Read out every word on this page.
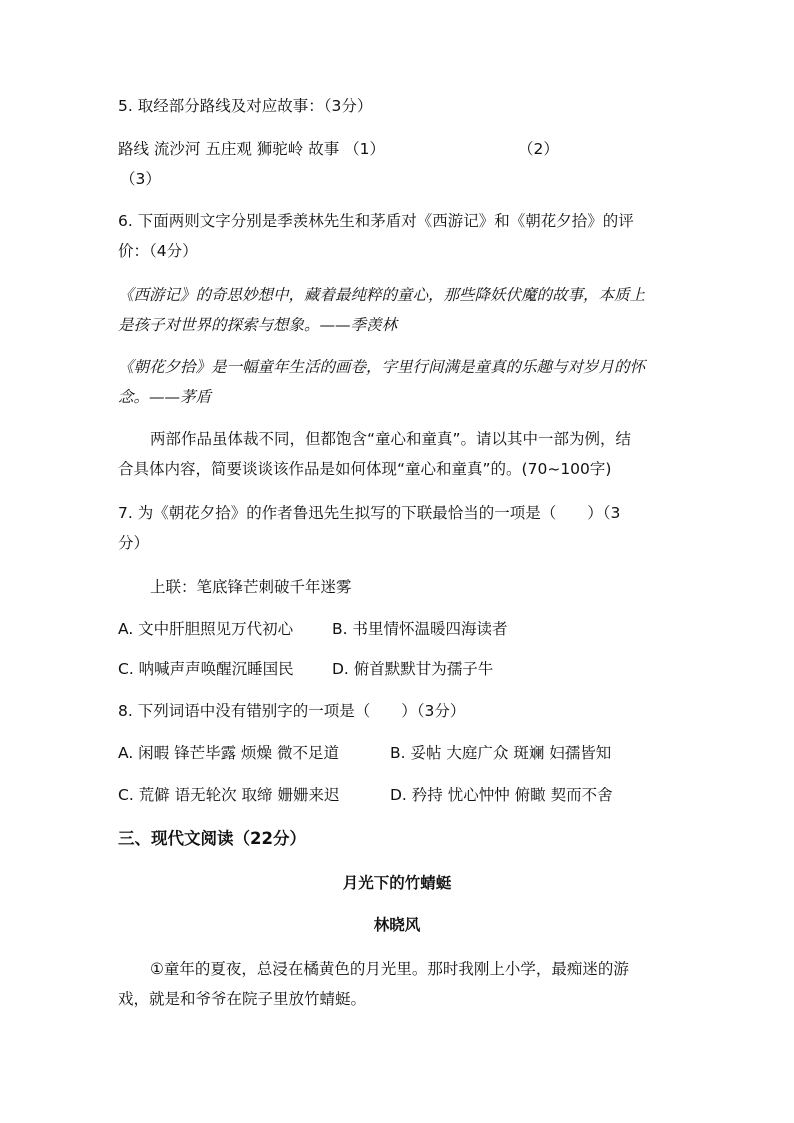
5. 取经部分路线及对应故事：（3分）
路线 流沙河 五庄观 狮驼岭 故事 （1）	（2）
（3）
6. 下面两则文字分别是季羡林先生和茅盾对《西游记》和《朝花夕拾》的评
价：（4分）
《西游记》的奇思妙想中，藏着最纯粹的童心，那些降妖伏魔的故事，本质上
是孩子对世界的探索与想象。——季羡林
《朝花夕拾》是一幅童年生活的画卷，字里行间满是童真的乐趣与对岁月的怀
念。——茅盾
两部作品虽体裁不同，但都饱含“童心和童真”。请以其中一部为例，结
合具体内容，简要谈谈该作品是如何体现“童心和童真”的。(70~100字)
7. 为《朝花夕拾》的作者鲁迅先生拟写的下联最恰当的一项是（　　）（3
分）
上联：笔底锋芒刺破千年迷雾
A. 文中肝胆照见万代初心	B. 书里情怀温暖四海读者
C. 呐喊声声唤醒沉睡国民 D. 俯首默默甘为孺子牛
8. 下列词语中没有错别字的一项是（　　）（3分）
A. 闲暇 锋芒毕露 烦燥 微不足道	B. 妥帖 大庭广众 斑斓 妇孺皆知
C. 荒僻 语无轮次 取缔 姗姗来迟	D. 矜持 忧心忡忡 俯瞰 契而不舍
三、现代文阅读（22分）
月光下的竹蜻蜓
林晓风
①童年的夏夜，总浸在橘黄色的月光里。那时我刚上小学，最痴迷的游
戏，就是和爷爷在院子里放竹蜻蜓。
